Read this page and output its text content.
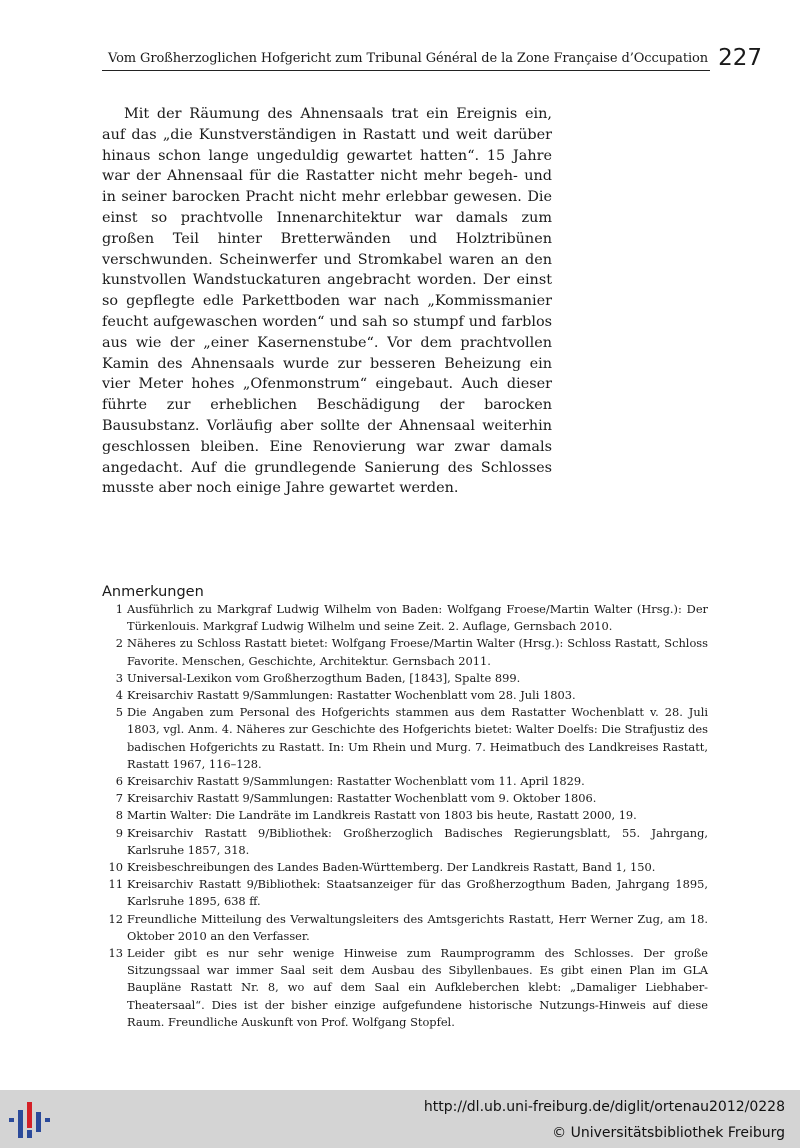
Vom Großherzoglichen Hofgericht zum Tribunal Général de la Zone Française d’Occupation 227

Mit der Räumung des Ahnensaals trat ein Ereignis ein, auf das „die Kunstverständigen in Rastatt und weit darüber hinaus schon lange ungeduldig gewartet hatten“. 15 Jahre war der Ahnensaal für die Rastatter nicht mehr begeh- und in seiner barocken Pracht nicht mehr erlebbar gewesen. Die einst so prachtvolle Innenarchitektur war damals zum großen Teil hinter Bretterwänden und Holztribünen verschwunden. Scheinwerfer und Stromkabel waren an den kunstvollen Wandstuckaturen angebracht worden. Der einst so gepflegte edle Parkettboden war nach „Kommissmanier feucht aufgewaschen worden“ und sah so stumpf und farblos aus wie der „einer Kasernenstube“. Vor dem prachtvollen Kamin des Ahnensaals wurde zur besseren Beheizung ein vier Meter hohes „Ofenmonstrum“ eingebaut. Auch dieser führte zur erheblichen Beschädigung der barocken Bausubstanz. Vorläufig aber sollte der Ahnensaal weiterhin geschlossen bleiben. Eine Renovierung war zwar damals angedacht. Auf die grundlegende Sanierung des Schlosses musste aber noch einige Jahre gewartet werden.

Anmerkungen
1 Ausführlich zu Markgraf Ludwig Wilhelm von Baden: Wolfgang Froese/Martin Walter (Hrsg.): Der Türkenlouis. Markgraf Ludwig Wilhelm und seine Zeit. 2. Auflage, Gernsbach 2010.
2 Näheres zu Schloss Rastatt bietet: Wolfgang Froese/Martin Walter (Hrsg.): Schloss Rastatt, Schloss Favorite. Menschen, Geschichte, Architektur. Gernsbach 2011.
3 Universal-Lexikon vom Großherzogthum Baden, [1843], Spalte 899.
4 Kreisarchiv Rastatt 9/Sammlungen: Rastatter Wochenblatt vom 28. Juli 1803.
5 Die Angaben zum Personal des Hofgerichts stammen aus dem Rastatter Wochenblatt v. 28. Juli 1803, vgl. Anm. 4. Näheres zur Geschichte des Hofgerichts bietet: Walter Doelfs: Die Strafjustiz des badischen Hofgerichts zu Rastatt. In: Um Rhein und Murg. 7. Heimatbuch des Landkreises Rastatt, Rastatt 1967, 116–128.
6 Kreisarchiv Rastatt 9/Sammlungen: Rastatter Wochenblatt vom 11. April 1829.
7 Kreisarchiv Rastatt 9/Sammlungen: Rastatter Wochenblatt vom 9. Oktober 1806.
8 Martin Walter: Die Landräte im Landkreis Rastatt von 1803 bis heute, Rastatt 2000, 19.
9 Kreisarchiv Rastatt 9/Bibliothek: Großherzoglich Badisches Regierungsblatt, 55. Jahrgang, Karlsruhe 1857, 318.
10 Kreisbeschreibungen des Landes Baden-Württemberg. Der Landkreis Rastatt, Band 1, 150.
11 Kreisarchiv Rastatt 9/Bibliothek: Staatsanzeiger für das Großherzogthum Baden, Jahrgang 1895, Karlsruhe 1895, 638 ff.
12 Freundliche Mitteilung des Verwaltungsleiters des Amtsgerichts Rastatt, Herr Werner Zug, am 18. Oktober 2010 an den Verfasser.
13 Leider gibt es nur sehr wenige Hinweise zum Raumprogramm des Schlosses. Der große Sitzungssaal war immer Saal seit dem Ausbau des Sibyllenbaues. Es gibt einen Plan im GLA Baupläne Rastatt Nr. 8, wo auf dem Saal ein Aufkleberchen klebt: „Damaliger Liebhaber-Theatersaal“. Dies ist der bisher einzige aufgefundene historische Nutzungs-Hinweis auf diese Raum. Freundliche Auskunft von Prof. Wolfgang Stopfel.
http://dl.ub.uni-freiburg.de/diglit/ortenau2012/0228
© Universitätsbibliothek Freiburg
